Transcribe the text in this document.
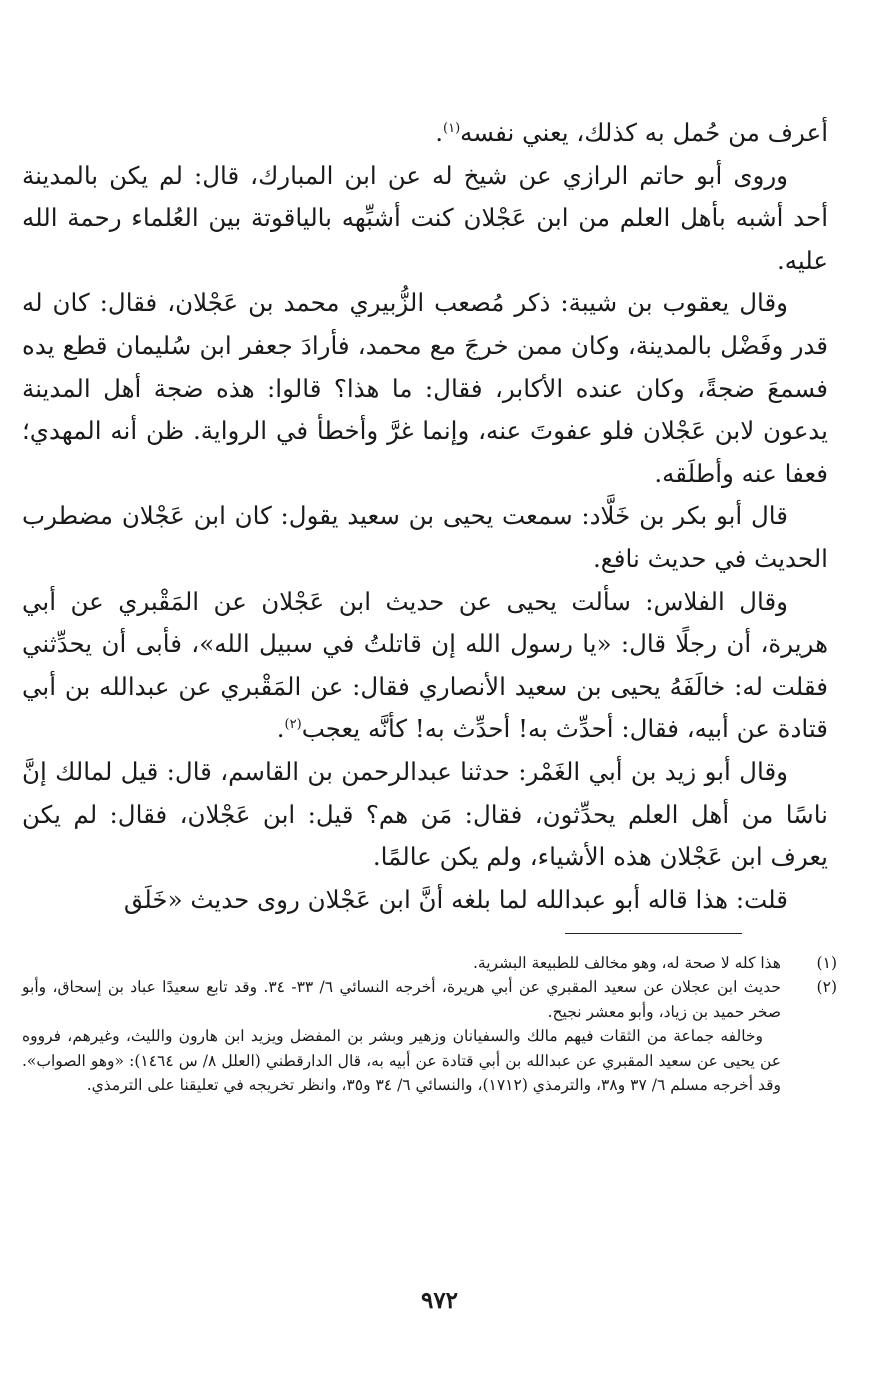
أعرف من حُمل به كذلك، يعني نفسه$^{(١)}$.

وروى أبو حاتم الرازي عن شيخ له عن ابن المبارك، قال: لم يكن بالمدينة أحد أشبه بأهل العلم من ابن عَجْلان كنت أشبِّهه بالياقوتة بين العُلماء رحمة الله عليه.

وقال يعقوب بن شيبة: ذكر مُصعب الزُّبيري محمد بن عَجْلان، فقال: كان له قدر وفَضْل بالمدينة، وكان ممن خرجَ مع محمد، فأرادَ جعفر ابن سُليمان قطع يده فسمعَ ضجةً، وكان عنده الأكابر، فقال: ما هذا؟ قالوا: هذه ضجة أهل المدينة يدعون لابن عَجْلان فلو عفوتَ عنه، وإنما غرَّ وأخطأ في الرواية. ظن أنه المهدي؛ فعفا عنه وأطلَقه.

قال أبو بكر بن خَلَّاد: سمعت يحيى بن سعيد يقول: كان ابن عَجْلان مضطرب الحديث في حديث نافع.

وقال الفلاس: سألت يحيى عن حديث ابن عَجْلان عن المَقْبري عن أبي هريرة، أن رجلًا قال: «يا رسول الله إن قاتلتُ في سبيل الله»، فأبى أن يحدِّثني فقلت له: خالَفَهُ يحيى بن سعيد الأنصاري فقال: عن المَقْبري عن عبدالله بن أبي قتادة عن أبيه، فقال: أحدِّث به! أحدِّث به! كأنَّه يعجب$^{(٢)}$.

وقال أبو زيد بن أبي الغَمْر: حدثنا عبدالرحمن بن القاسم، قال: قيل لمالك إنَّ ناسًا من أهل العلم يحدِّثون، فقال: مَن هم؟ قيل: ابن عَجْلان، فقال: لم يكن يعرف ابن عَجْلان هذه الأشياء، ولم يكن عالمًا.

قلت: هذا قاله أبو عبدالله لما بلغه أنَّ ابن عَجْلان روى حديث «خَلَق

(١)

هذا كله لا صحة له، وهو مخالف للطبيعة البشرية.

(٢)

حديث ابن عجلان عن سعيد المقبري عن أبي هريرة، أخرجه النسائي ٦/ ٣٣- ٣٤. وقد تابع سعيدًا عباد بن إسحاق، وأبو صخر حميد بن زياد، وأبو معشر نجيح.

وخالفه جماعة من الثقات فيهم مالك والسفيانان وزهير وبشر بن المفضل ويزيد ابن هارون والليث، وغيرهم، فرووه عن يحيى عن سعيد المقبري عن عبدالله بن أبي قتادة عن أبيه به، قال الدارقطني (العلل ٨/ س ١٤٦٤): «وهو الصواب». وقد أخرجه مسلم ٦/ ٣٧ و٣٨، والترمذي (١٧١٢)، والنسائي ٦/ ٣٤ و٣٥، وانظر تخريجه في تعليقنا على الترمذي.

٩٧٢
